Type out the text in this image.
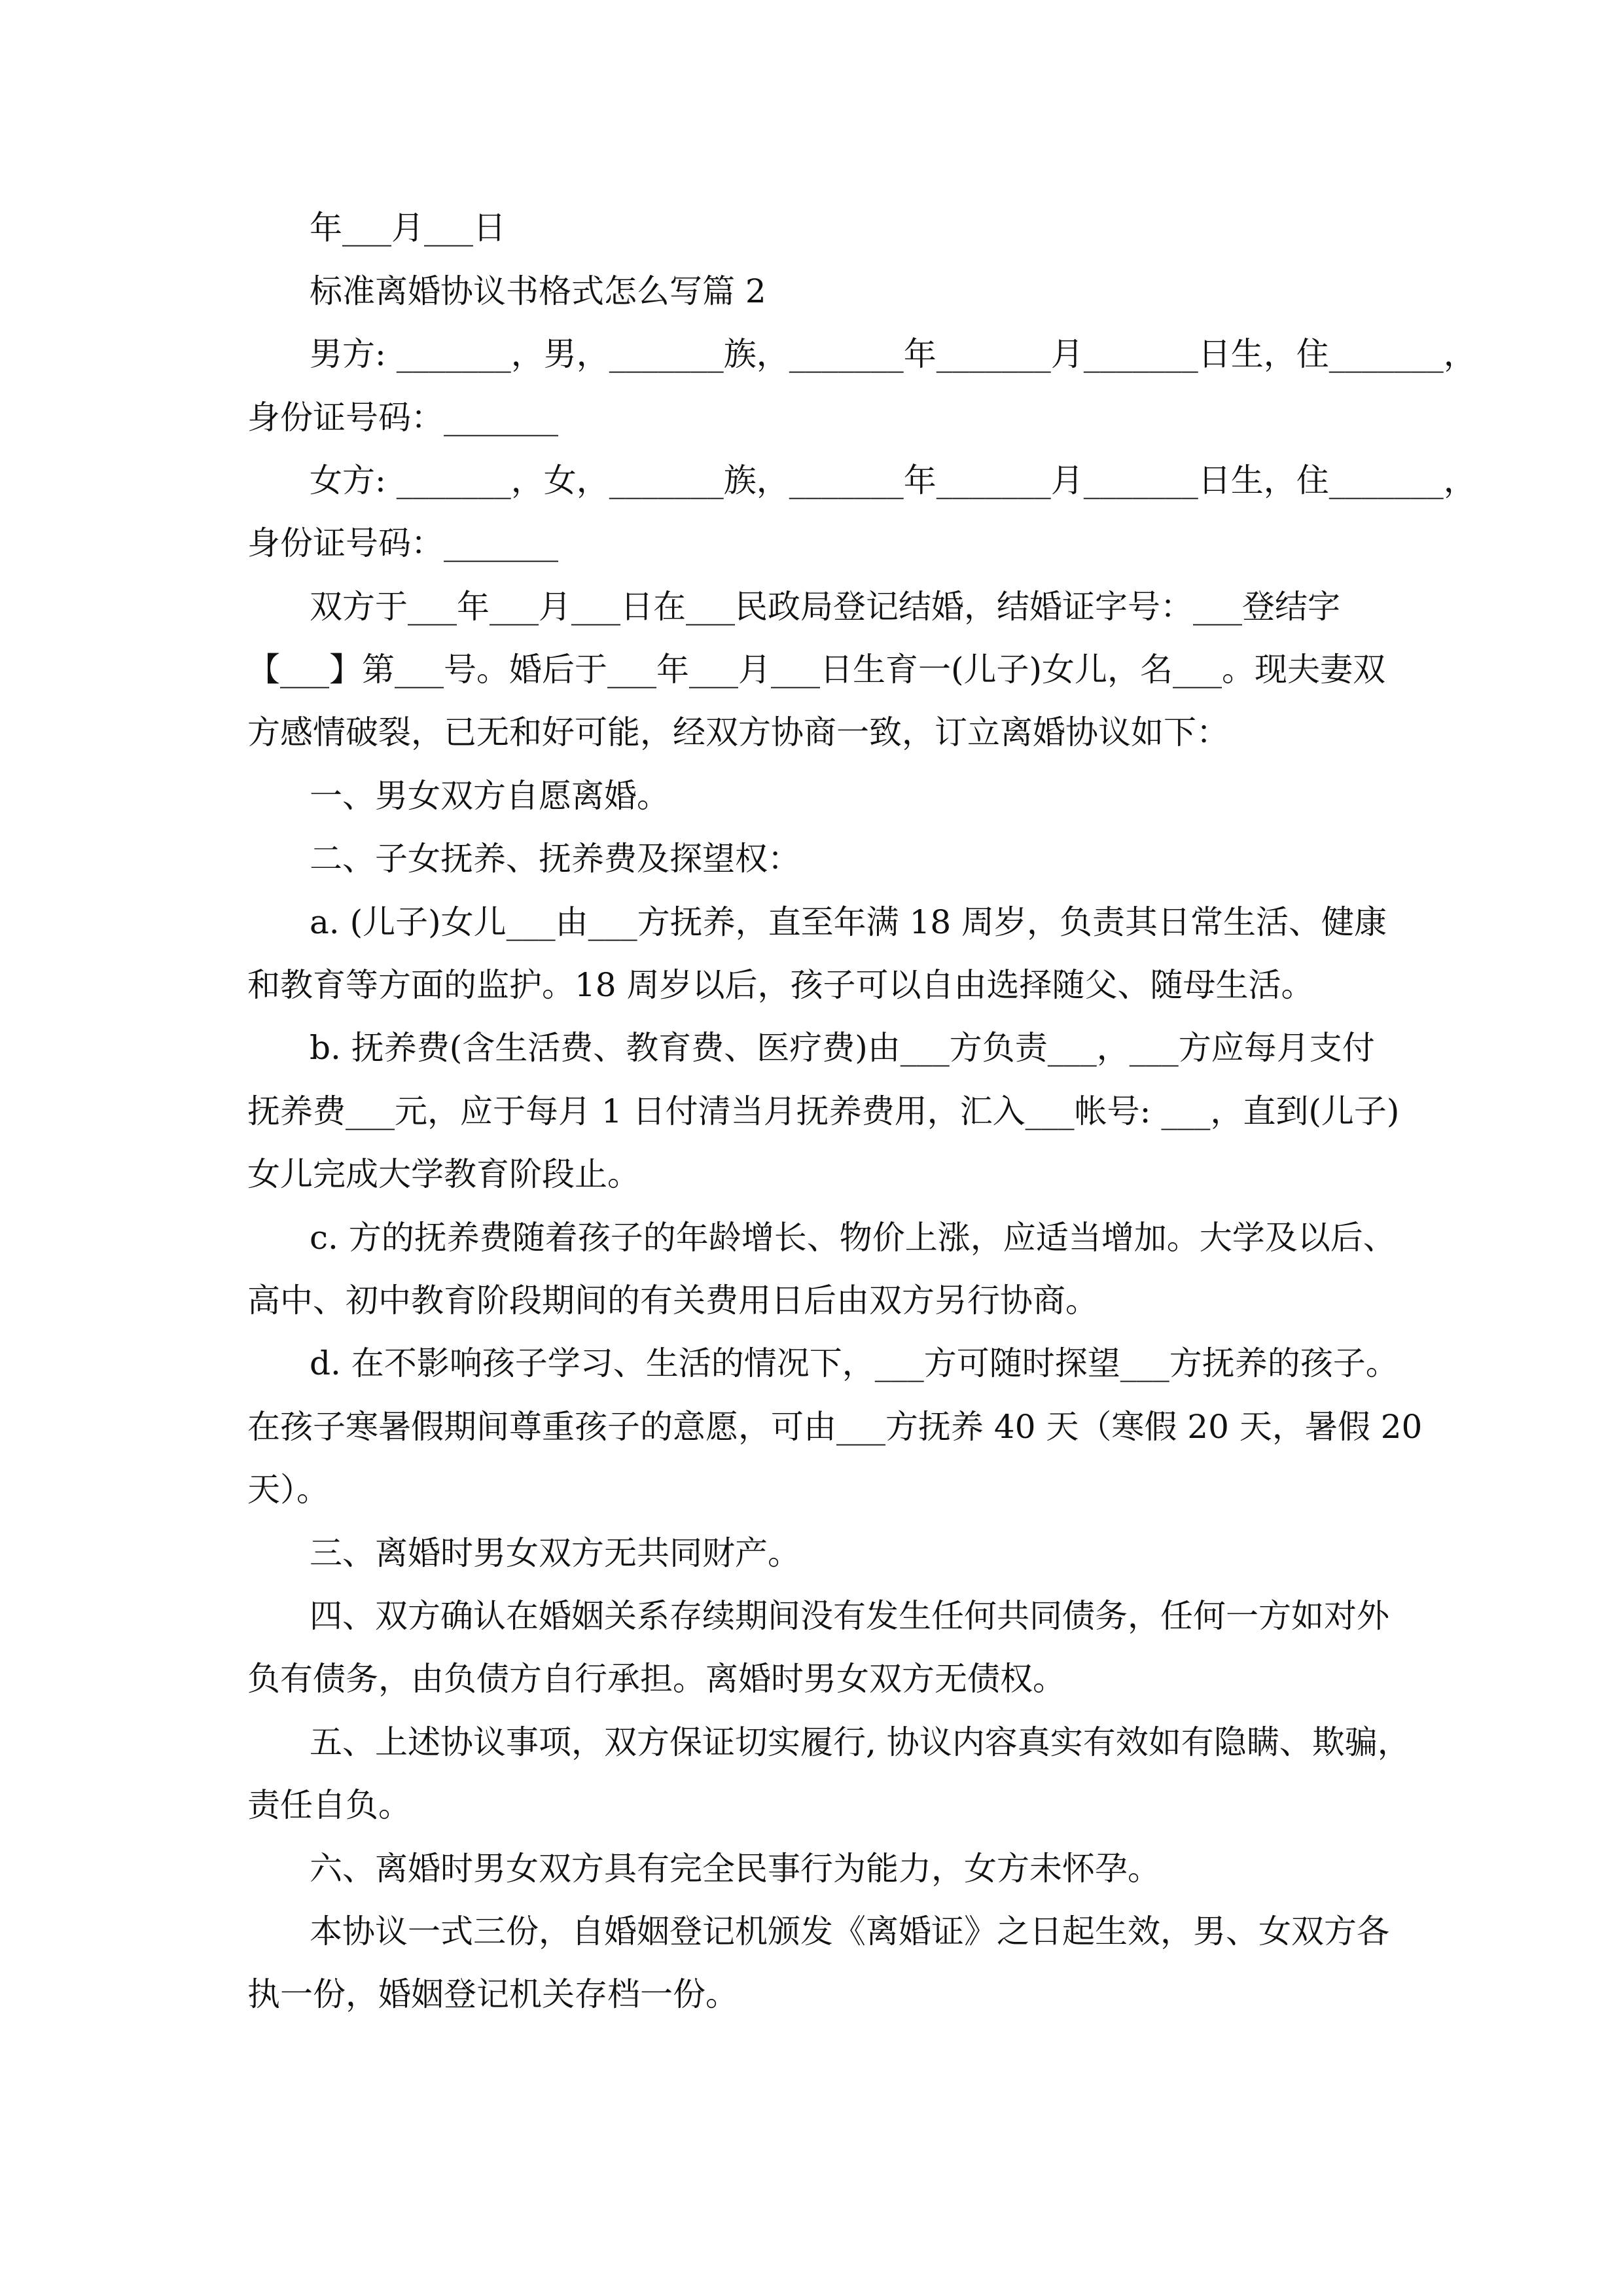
年___月___日
标准离婚协议书格式怎么写篇 2
男方: _______，男，_______族，_______年_______月_______日生，住_______，
身份证号码：_______
女方: _______，女，_______族，_______年_______月_______日生，住_______，
身份证号码：_______
双方于___年___月___日在___民政局登记结婚，结婚证字号：___登结字
【___】第___号。婚后于___年___月___日生育一(儿子)女儿，名___。现夫妻双
方感情破裂，已无和好可能，经双方协商一致，订立离婚协议如下：
一、男女双方自愿离婚。
二、子女抚养、抚养费及探望权：
a. (儿子)女儿___由___方抚养，直至年满 18 周岁，负责其日常生活、健康
和教育等方面的监护。18 周岁以后，孩子可以自由选择随父、随母生活。
b. 抚养费(含生活费、教育费、医疗费)由___方负责___，___方应每月支付
抚养费___元，应于每月 1 日付清当月抚养费用，汇入___帐号: ___，直到(儿子)
女儿完成大学教育阶段止。
c. 方的抚养费随着孩子的年龄增长、物价上涨，应适当增加。大学及以后、
高中、初中教育阶段期间的有关费用日后由双方另行协商。
d. 在不影响孩子学习、生活的情况下，___方可随时探望___方抚养的孩子。
在孩子寒暑假期间尊重孩子的意愿，可由___方抚养 40 天（寒假 20 天，暑假 20
天）。
三、离婚时男女双方无共同财产。
四、双方确认在婚姻关系存续期间没有发生任何共同债务，任何一方如对外
负有债务，由负债方自行承担。离婚时男女双方无债权。
五、上述协议事项，双方保证切实履行, 协议内容真实有效如有隐瞒、欺骗，
责任自负。
六、离婚时男女双方具有完全民事行为能力，女方未怀孕。
本协议一式三份，自婚姻登记机颁发《离婚证》之日起生效，男、女双方各
执一份，婚姻登记机关存档一份。
